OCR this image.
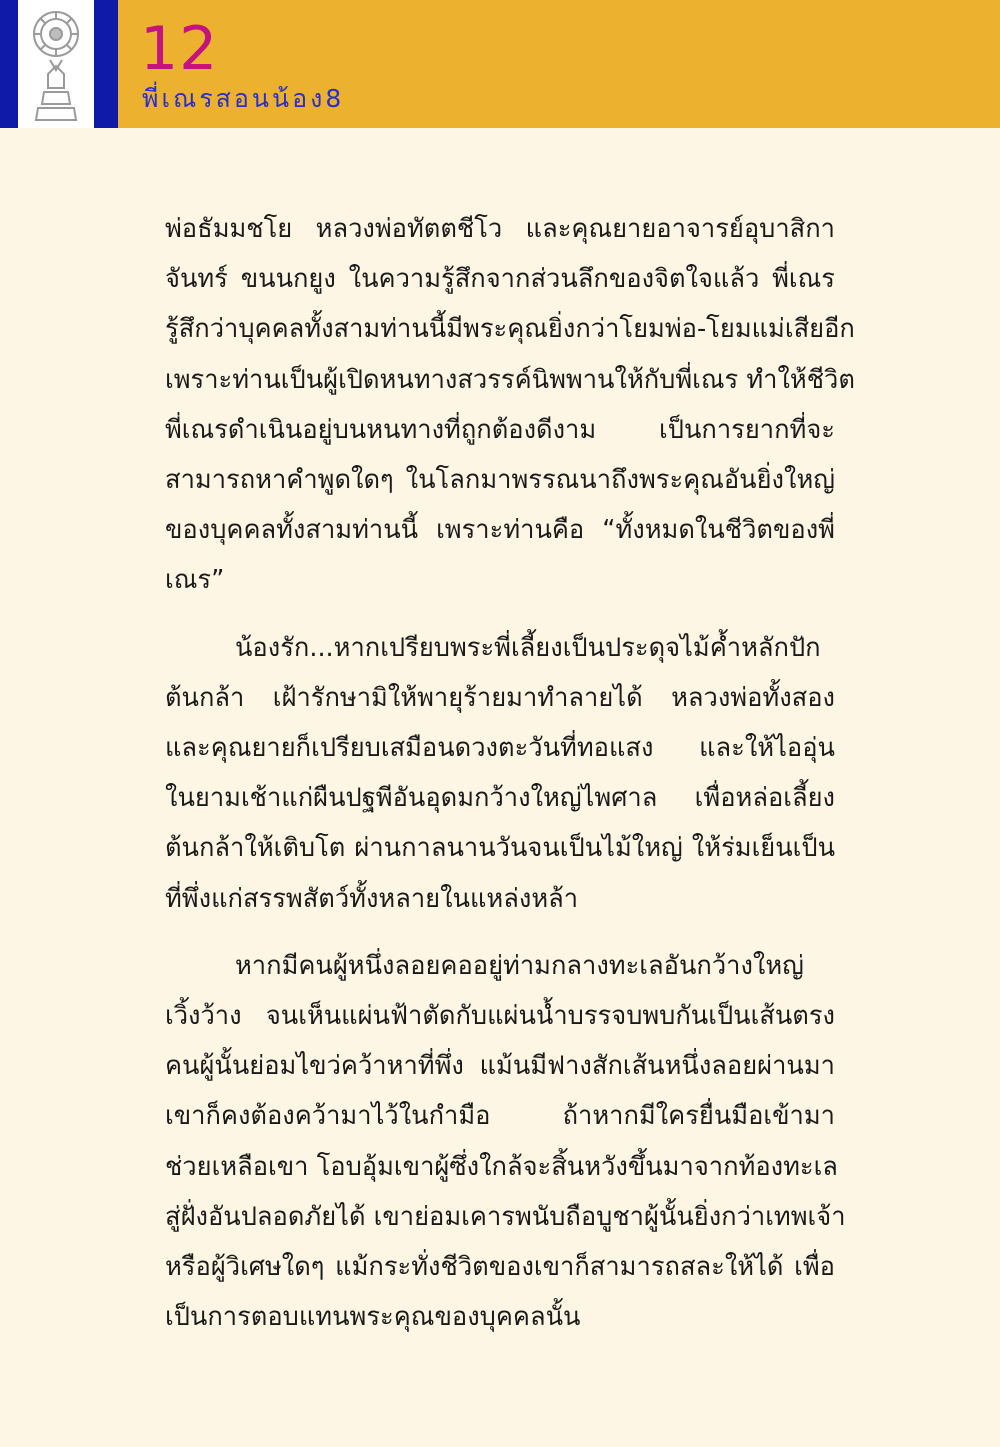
12
พี่เณรสอนน้อง8

พ่อธัมมชโย หลวงพ่อทัตตชีโว และคุณยายอาจารย์อุบาสิกา
จันทร์ ขนนกยูง ในความรู้สึกจากส่วนลึกของจิตใจแล้ว พี่เณร
รู้สึกว่าบุคคลทั้งสามท่านนี้มีพระคุณยิ่งกว่าโยมพ่อ-โยมแม่เสียอีก
เพราะท่านเป็นผู้เปิดหนทางสวรรค์นิพพานให้กับพี่เณร ทำให้ชีวิต
พี่เณรดำเนินอยู่บนหนทางที่ถูกต้องดีงาม เป็นการยากที่จะ
สามารถหาคำพูดใดๆ ในโลกมาพรรณนาถึงพระคุณอันยิ่งใหญ่
ของบุคคลทั้งสามท่านนี้ เพราะท่านคือ “ทั้งหมดในชีวิตของพี่
เณร”

น้องรัก...หากเปรียบพระพี่เลี้ยงเป็นประดุจไม้ค้ำหลักปัก
ต้นกล้า เฝ้ารักษามิให้พายุร้ายมาทำลายได้ หลวงพ่อทั้งสอง
และคุณยายก็เปรียบเสมือนดวงตะวันที่ทอแสง และให้ไออุ่น
ในยามเช้าแก่ผืนปฐพีอันอุดมกว้างใหญ่ไพศาล เพื่อหล่อเลี้ยง
ต้นกล้าให้เติบโต ผ่านกาลนานวันจนเป็นไม้ใหญ่ ให้ร่มเย็นเป็น
ที่พึ่งแก่สรรพสัตว์ทั้งหลายในแหล่งหล้า

หากมีคนผู้หนึ่งลอยคออยู่ท่ามกลางทะเลอันกว้างใหญ่
เวิ้งว้าง จนเห็นแผ่นฟ้าตัดกับแผ่นน้ำบรรจบพบกันเป็นเส้นตรง
คนผู้นั้นย่อมไขว่คว้าหาที่พึ่ง แม้นมีฟางสักเส้นหนึ่งลอยผ่านมา
เขาก็คงต้องคว้ามาไว้ในกำมือ ถ้าหากมีใครยื่นมือเข้ามา
ช่วยเหลือเขา โอบอุ้มเขาผู้ซึ่งใกล้จะสิ้นหวังขึ้นมาจากท้องทะเล
สู่ฝั่งอันปลอดภัยได้ เขาย่อมเคารพนับถือบูชาผู้นั้นยิ่งกว่าเทพเจ้า
หรือผู้วิเศษใดๆ แม้กระทั่งชีวิตของเขาก็สามารถสละให้ได้ เพื่อ
เป็นการตอบแทนพระคุณของบุคคลนั้น
